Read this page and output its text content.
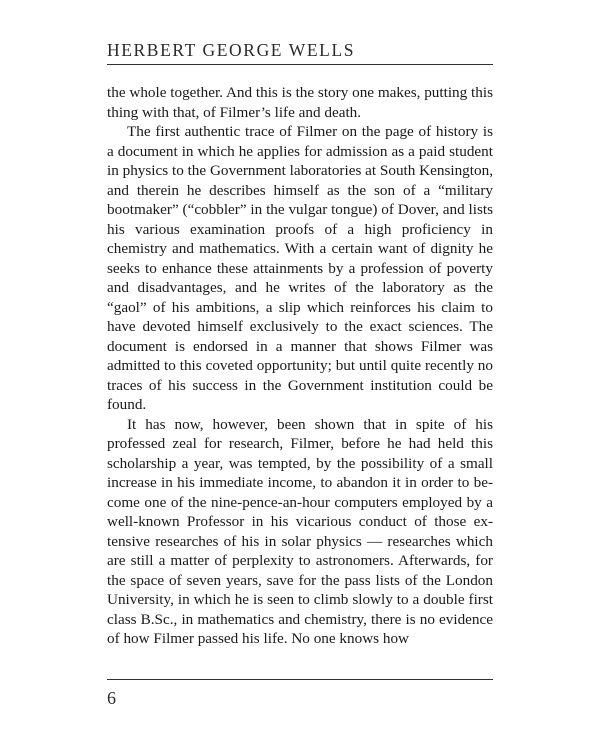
HERBERT GEORGE WELLS

the whole together. And this is the story one makes, putting this thing with that, of Filmer’s life and death.

The first authentic trace of Filmer on the page of history is a document in which he applies for admission as a paid student in physics to the Government laboratories at South Kensington, and therein he describes himself as the son of a “military bootmaker” (“cobbler” in the vulgar tongue) of Dover, and lists his various examination proofs of a high proficiency in chemistry and mathematics. With a certain want of dignity he seeks to enhance these attainments by a profession of poverty and disadvantages, and he writes of the laboratory as the “gaol” of his ambitions, a slip which reinforces his claim to have devoted himself exclusively to the exact sciences. The document is endorsed in a manner that shows Filmer was admitted to this coveted opportunity; but until quite recently no traces of his success in the Government institution could be found.

It has now, however, been shown that in spite of his professed zeal for research, Filmer, before he had held this scholarship a year, was tempted, by the possibility of a small increase in his immediate income, to abandon it in order to become one of the nine-pence-an-hour computers employed by a well-known Professor in his vicarious conduct of those extensive researches of his in solar physics — researches which are still a matter of perplexity to astronomers. Afterwards, for the space of seven years, save for the pass lists of the London University, in which he is seen to climb slowly to a double first class B.Sc., in mathematics and chemistry, there is no evidence of how Filmer passed his life. No one knows how

6
